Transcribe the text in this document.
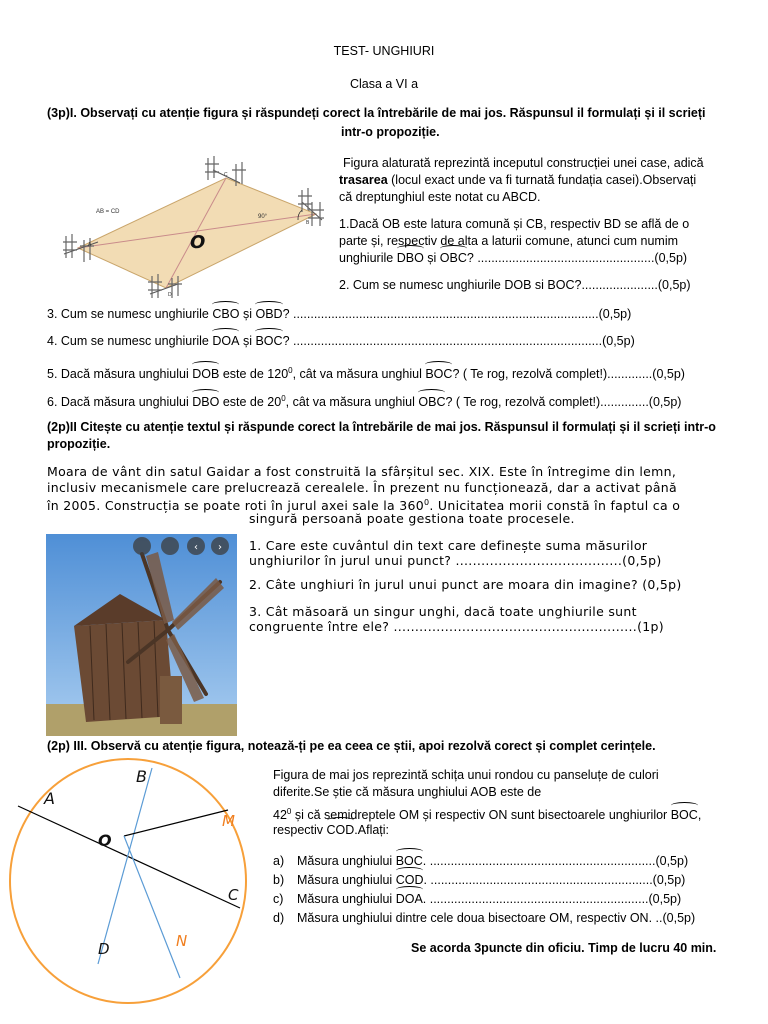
TEST- UNGHIURI
Clasa a VI a
(3p)I. Observați cu atenție figura și răspundeți corect la întrebările de mai jos. Răspunsul il formulați și il scrieți
intr-o propoziție.
AB = CD
90°
A
C
B
D
O
Figura alaturată reprezintă inceputul construcției unei case, adică
trasarea (locul exact unde va fi turnată fundația casei).Observați
că dreptunghiul este notat cu ABCD.
1.Dacă OB este latura comună și CB, respectiv BD se află de o
parte și, respectiv de alta a laturii comune, atunci cum numim
unghiurile DBO și OBC? ...................................................(0,5p)
2. Cum se numesc unghiurile DOB si BOC?......................(0,5p)
3. Cum se numesc unghiurile CBO și OBD? ........................................................................................(0,5p)
4. Cum se numesc unghiurile DOA și BOC? .........................................................................................(0,5p)
5. Dacă măsura unghiului DOB este de $120^0$, cât va măsura unghiul BOC? ( Te rog, rezolvă complet!).............(0,5p)
6. Dacă măsura unghiului DBO este de $20^0$, cât va măsura unghiul OBC? ( Te rog, rezolvă complet!)..............(0,5p)
(2p)II Citește cu atenție textul și răspunde corect la întrebările de mai jos. Răspunsul il formulați și il scrieți intr-o
propoziție.
Moara de vânt din satul Gaidar a fost construită la sfârșitul sec. XIX. Este în întregime din lemn,
inclusiv mecanismele care prelucrează cerealele. În prezent nu funcționează, dar a activat până
în 2005. Construcția se poate roti în jurul axei sale la $360^0$. Unicitatea morii constă în faptul ca o
singură persoană poate gestiona toate procesele.
‹ › 1. Care este cuvântul din text care definește suma măsurilor
unghiurilor în jurul unui punct? .......................................(0,5p)
2. Câte unghiuri în jurul unui punct are moara din imagine? (0,5p)
3. Cât măsoară un singur unghi, dacă toate unghiurile sunt
congruente între ele? .........................................................(1p)
(2p) III. Observă cu atenție figura, notează-ți pe ea ceea ce știi, apoi rezolvă corect și complet cerințele.
B
A
O
M
C
D	N
Figura de mai jos reprezintă schița unui rondou cu panseluțe de culori
diferite.Se știe că măsura unghiului AOB este de
$42^0$ și că semidreptele OM și respectiv ON sunt bisectoarele unghiurilor BOC,
respectiv COD.Aflați:
a) Măsura unghiului BOC. .................................................................(0,5p)
b) Măsura unghiului COD. ................................................................(0,5p)
c) Măsura unghiului DOA. ...............................................................(0,5p)
d) Măsura unghiului dintre cele doua bisectoare OM, respectiv ON. ..(0,5p)
Se acorda 3puncte din oficiu. Timp de lucru 40 min.
